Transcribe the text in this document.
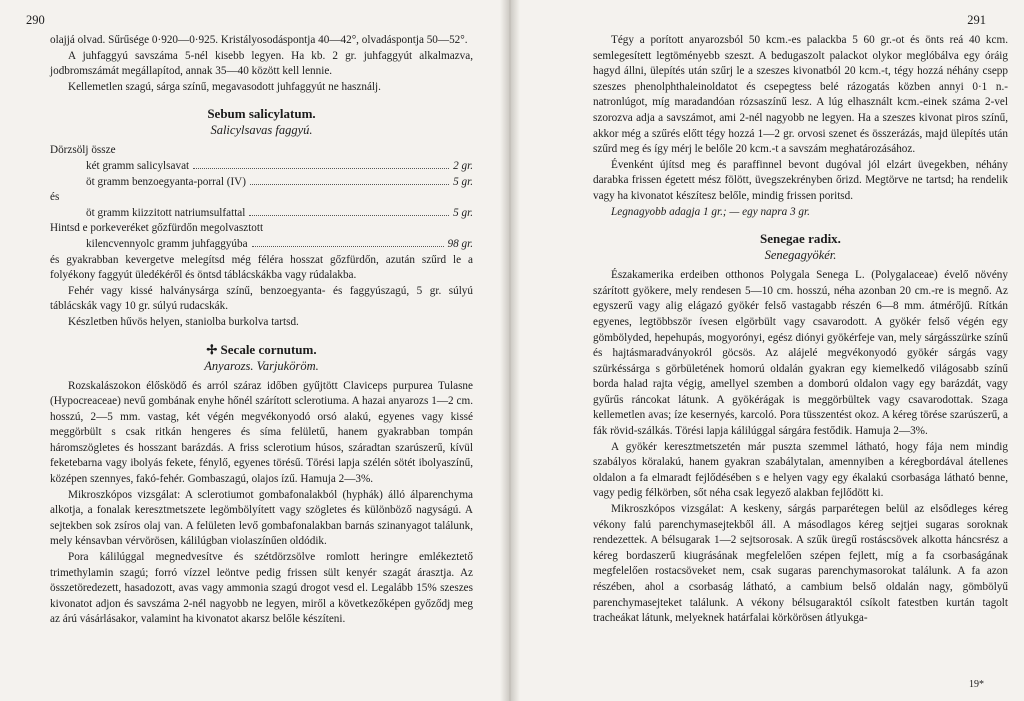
290

olajjá olvad. Sűrűsége 0·920—0·925. Kristályosodáspontja 40—42°, olvadáspontja 50—52°.

A juhfaggyú savszáma 5-nél kisebb legyen. Ha kb. 2 gr. juhfaggyút alkalmazva, jodbromszámát megállapítod, annak 35—40 között kell lennie.

Kellemetlen szagú, sárga színű, megavasodott juhfaggyút ne használj.

Sebum salicylatum.
Salicylsavas faggyú.

Dörzsölj össze

két gramm salicylsavat	2 gr.
öt gramm benzoegyanta-porral (IV)	5 gr.
és
öt gramm kiizzitott natriumsulfattal	5 gr.

Hintsd e porkeveréket gőzfürdőn megolvasztott

kilencvennyolc gramm juhfaggyúba	98 gr.

és gyakrabban kevergetve melegítsd még féléra hosszat gőzfürdőn, azután szűrd le a folyékony faggyút üledékéről és öntsd táblácskákba vagy rúdalakba.

Fehér vagy kissé halványsárga színű, benzoegyanta- és faggyúszagú, 5 gr. súlyú táblácskák vagy 10 gr. súlyú rudacskák.

Készletben hűvös helyen, staniolba burkolva tartsd.

✢ Secale cornutum.
Anyarozs. Varjuköröm.

Rozskalászokon élősködő és arról száraz időben gyűjtött Claviceps purpurea Tulasne (Hypocreaceae) nevű gombának enyhe hőnél szárított sclerotiuma. A hazai anyarozs 1—2 cm. hosszú, 2—5 mm. vastag, két végén megvékonyodó orsó alakú, egyenes vagy kissé meggörbült s csak ritkán hengeres és síma felületű, hanem gyakrabban tompán háromszögletes és hosszant barázdás. A friss sclerotium húsos, száradtan szarúszerű, kívül feketebarna vagy ibolyás fekete, fénylő, egyenes törésű. Törési lapja szélén sötét ibolyaszínű, középen szennyes, fakó-fehér. Gombaszagú, olajos ízű. Hamuja 2—3%.

Mikroszkópos vizsgálat: A sclerotiumot gombafonalakból (hyphák) álló álparenchyma alkotja, a fonalak keresztmetszete legömbölyített vagy szögletes és különböző nagyságú. A sejtekben sok zsíros olaj van. A felületen levő gombafonalakban barnás szinanyagot találunk, mely kénsavban vérvörösen, kálilúgban violaszínűen oldódik.

Pora kálilúggal megnedvesítve és szétdörzsölve romlott heringre emlékeztető trimethylamin szagú; forró vízzel leöntve pedig frissen sült kenyér szagát árasztja. Az összetöredezett, hasadozott, avas vagy ammonia szagú drogot vesd el. Legalább 15% szeszes kivonatot adjon és savszáma 2-nél nagyobb ne legyen, miről a következőképen győződj meg az árú vásárlásakor, valamint ha kivonatot akarsz belőle készíteni.

291

Tégy a porított anyarozsból 50 kcm.-es palackba 5 60 gr.-ot és önts reá 40 kcm. semlegesített legtöményebb szeszt. A bedugaszolt palackot olykor meglóbálva egy óráig hagyd állni, ülepítés után szűrj le a szeszes kivonatból 20 kcm.-t, tégy hozzá néhány csepp szeszes phenolphthaleinoldatot és csepegtess belé rázogatás közben annyi 0·1 n.-natronlúgot, míg maradandóan rózsaszínű lesz. A lúg elhasznált kcm.-einek száma 2-vel szorozva adja a savszámot, ami 2-nél nagyobb ne legyen. Ha a szeszes kivonat piros színű, akkor még a szűrés előtt tégy hozzá 1—2 gr. orvosi szenet és összerázás, majd ülepítés után szűrd meg és így mérj le belőle 20 kcm.-t a savszám meghatározásához.

Évenként újítsd meg és paraffinnel bevont dugóval jól elzárt üvegekben, néhány darabka frissen égetett mész fölött, üvegszekrényben őrizd. Megtörve ne tartsd; ha rendelik vagy ha kivonatot készítesz belőle, mindig frissen poritsd.

Legnagyobb adagja 1 gr.; — egy napra 3 gr.

Senegae radix.
Senegagyökér.

Északamerika erdeiben otthonos Polygala Senega L. (Polygalaceae) évelő növény szárított gyökere, mely rendesen 5—10 cm. hosszú, néha azonban 20 cm.-re is megnő. Az egyszerű vagy alig elágazó gyökér felső vastagabb részén 6—8 mm. átmérőjű. Rítkán egyenes, legtöbbször ívesen elgörbült vagy csavarodott. A gyökér felső végén egy gömbölyded, hepehupás, mogyorónyi, egész diónyi gyökérfeje van, mely sárgásszürke színű és hajtásmaradványokról göcsös. Az alájelé megvékonyodó gyökér sárgás vagy szürkéssárga s görbületének homorú oldalán gyakran egy kiemelkedő világosabb színű borda halad rajta végig, amellyel szemben a domború oldalon vagy egy barázdát, vagy gyűrűs ráncokat látunk. A gyökérágak is meggörbültek vagy csavarodottak. Szaga kellemetlen avas; íze kesernyés, karcoló. Pora tüsszentést okoz. A kéreg törése szarúszerű, a fák rövid-szálkás. Törési lapja kálilúggal sárgára festődik. Hamuja 2—3%.

A gyökér keresztmetszetén már puszta szemmel látható, hogy fája nem mindig szabályos köralakú, hanem gyakran szabálytalan, amennyiben a kéregbordával átellenes oldalon a fa elmaradt fejlődésében s e helyen vagy egy ékalakú csorbasága látható benne, vagy pedig félkörben, sőt néha csak legyező alakban fejlődött ki.

Mikroszkópos vizsgálat: A keskeny, sárgás parparétegen belül az elsődleges kéreg vékony falú parenchymasejtekből áll. A másodlagos kéreg sejtjei sugaras soroknak rendezettek. A bélsugarak 1—2 sejtsorosak. A szűk üregű rostáscsövek alkotta háncsrész a kéreg bordaszerű kiugrásának megfelelően szépen fejlett, míg a fa csorbaságának megfelelően rostacsöveket nem, csak sugaras parenchymasorokat találunk. A fa azon részében, ahol a csorbaság látható, a cambium belső oldalán nagy, gömbölyű parenchymasejteket találunk. A vékony bélsugaraktól csíkolt fatestben kurtán tagolt tracheákat látunk, melyeknek határfalai körkörösen átlyukga-

19*
